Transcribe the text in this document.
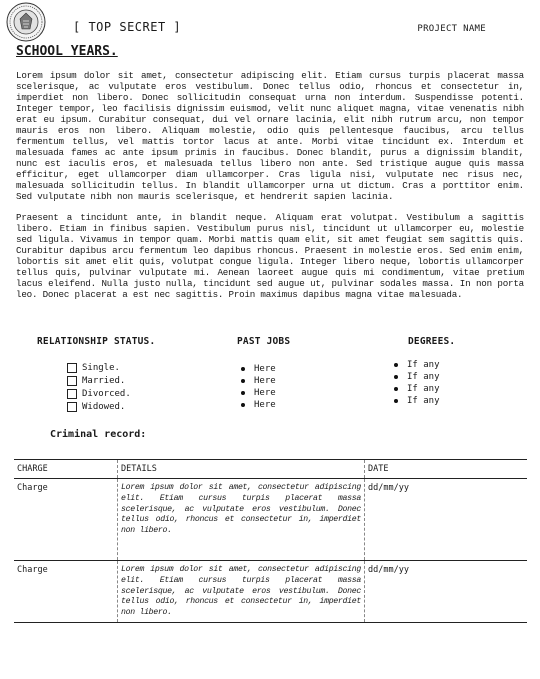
[ TOP SECRET ]	PROJECT NAME
SCHOOL YEARS.
Lorem ipsum dolor sit amet, consectetur adipiscing elit. Etiam cursus turpis placerat massa scelerisque, ac vulputate eros vestibulum. Donec tellus odio, rhoncus et consectetur in, imperdiet non libero. Donec sollicitudin consequat urna non interdum. Suspendisse potenti. Integer tempor, leo facilisis dignissim euismod, velit nunc aliquet magna, vitae venenatis nibh erat eu ipsum. Curabitur consequat, dui vel ornare lacinia, elit nibh rutrum arcu, non tempor mauris eros non libero. Aliquam molestie, odio quis pellentesque faucibus, arcu tellus fermentum tellus, vel mattis tortor lacus at ante. Morbi vitae tincidunt ex. Interdum et malesuada fames ac ante ipsum primis in faucibus. Donec blandit, purus a dignissim blandit, nunc est iaculis eros, et malesuada tellus libero non ante. Sed tristique augue quis massa efficitur, eget ullamcorper diam ullamcorper. Cras ligula nisi, vulputate nec risus nec, malesuada sollicitudin tellus. In blandit ullamcorper urna ut dictum. Cras a porttitor enim. Sed vulputate nibh non mauris scelerisque, et hendrerit sapien lacinia.
Praesent a tincidunt ante, in blandit neque. Aliquam erat volutpat. Vestibulum a sagittis libero. Etiam in finibus sapien. Vestibulum purus nisl, tincidunt ut ullamcorper eu, molestie sed ligula. Vivamus in tempor quam. Morbi mattis quam elit, sit amet feugiat sem sagittis quis. Curabitur dapibus arcu fermentum leo dapibus rhoncus. Praesent in molestie eros. Sed enim enim, lobortis sit amet elit quis, volutpat congue ligula. Integer libero neque, lobortis ullamcorper tellus quis, pulvinar vulputate mi. Aenean laoreet augue quis mi condimentum, vitae pretium lacus eleifend. Nulla justo nulla, tincidunt sed augue ut, pulvinar sodales massa. In non porta leo. Donec placerat a est nec sagittis. Proin maximus dapibus magna vitae malesuada.
RELATIONSHIP STATUS.
Single.
Married.
Divorced.
Widowed.
PAST JOBS
Here
Here
Here
Here
DEGREES.
If any
If any
If any
If any
Criminal record:
CHARGE	DETAILS	DATE
Charge	Lorem ipsum dolor sit amet, consectetur adipiscing elit. Etiam cursus turpis placerat massa scelerisque, ac vulputate eros vestibulum. Donec tellus odio, rhoncus et consectetur in, imperdiet non libero.	dd/mm/yy
Charge	Lorem ipsum dolor sit amet, consectetur adipiscing elit. Etiam cursus turpis placerat massa scelerisque, ac vulputate eros vestibulum. Donec tellus odio, rhoncus et consectetur in, imperdiet non libero.	dd/mm/yy
